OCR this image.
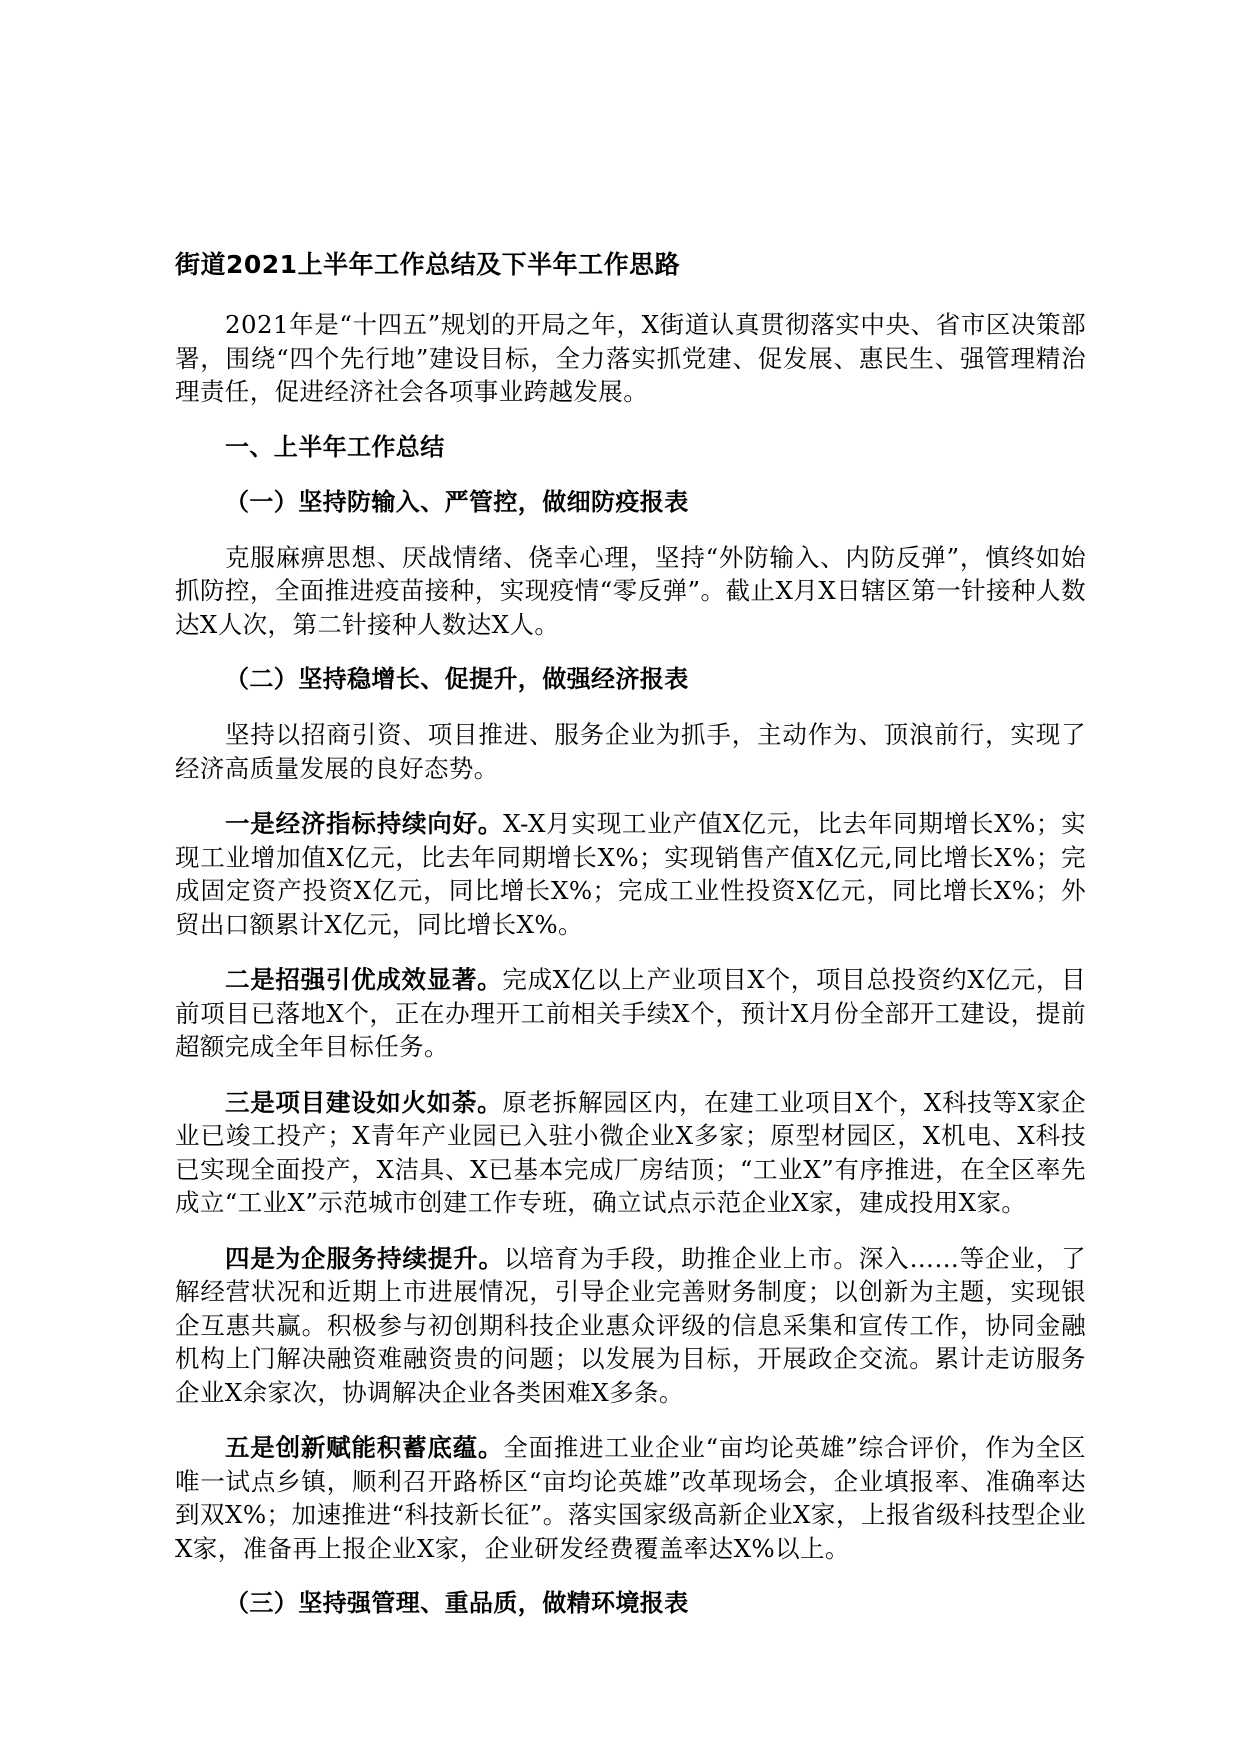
街道2021上半年工作总结及下半年工作思路

2021年是“十四五”规划的开局之年，X街道认真贯彻落实中央、省市区决策部署，围绕“四个先行地”建设目标，全力落实抓党建、促发展、惠民生、强管理精治理责任，促进经济社会各项事业跨越发展。

一、上半年工作总结

（一）坚持防输入、严管控，做细防疫报表

克服麻痹思想、厌战情绪、侥幸心理，坚持“外防输入、内防反弹”，慎终如始抓防控，全面推进疫苗接种，实现疫情“零反弹”。截止X月X日辖区第一针接种人数达X人次，第二针接种人数达X人。

（二）坚持稳增长、促提升，做强经济报表

坚持以招商引资、项目推进、服务企业为抓手，主动作为、顶浪前行，实现了经济高质量发展的良好态势。

一是经济指标持续向好。X-X月实现工业产值X亿元，比去年同期增长X%；实现工业增加值X亿元，比去年同期增长X%；实现销售产值X亿元,同比增长X%；完成固定资产投资X亿元，同比增长X%；完成工业性投资X亿元，同比增长X%；外贸出口额累计X亿元，同比增长X%。

二是招强引优成效显著。完成X亿以上产业项目X个，项目总投资约X亿元，目前项目已落地X个，正在办理开工前相关手续X个，预计X月份全部开工建设，提前超额完成全年目标任务。

三是项目建设如火如荼。原老拆解园区内，在建工业项目X个，X科技等X家企业已竣工投产；X青年产业园已入驻小微企业X多家；原型材园区，X机电、X科技已实现全面投产，X洁具、X已基本完成厂房结顶；“工业X”有序推进，在全区率先成立“工业X”示范城市创建工作专班，确立试点示范企业X家，建成投用X家。

四是为企服务持续提升。以培育为手段，助推企业上市。深入……等企业，了解经营状况和近期上市进展情况，引导企业完善财务制度；以创新为主题，实现银企互惠共赢。积极参与初创期科技企业惠众评级的信息采集和宣传工作，协同金融机构上门解决融资难融资贵的问题；以发展为目标，开展政企交流。累计走访服务企业X余家次，协调解决企业各类困难X多条。

五是创新赋能积蓄底蕴。全面推进工业企业“亩均论英雄”综合评价，作为全区唯一试点乡镇，顺利召开路桥区“亩均论英雄”改革现场会，企业填报率、准确率达到双X%；加速推进“科技新长征”。落实国家级高新企业X家，上报省级科技型企业X家，准备再上报企业X家，企业研发经费覆盖率达X%以上。

（三）坚持强管理、重品质，做精环境报表
